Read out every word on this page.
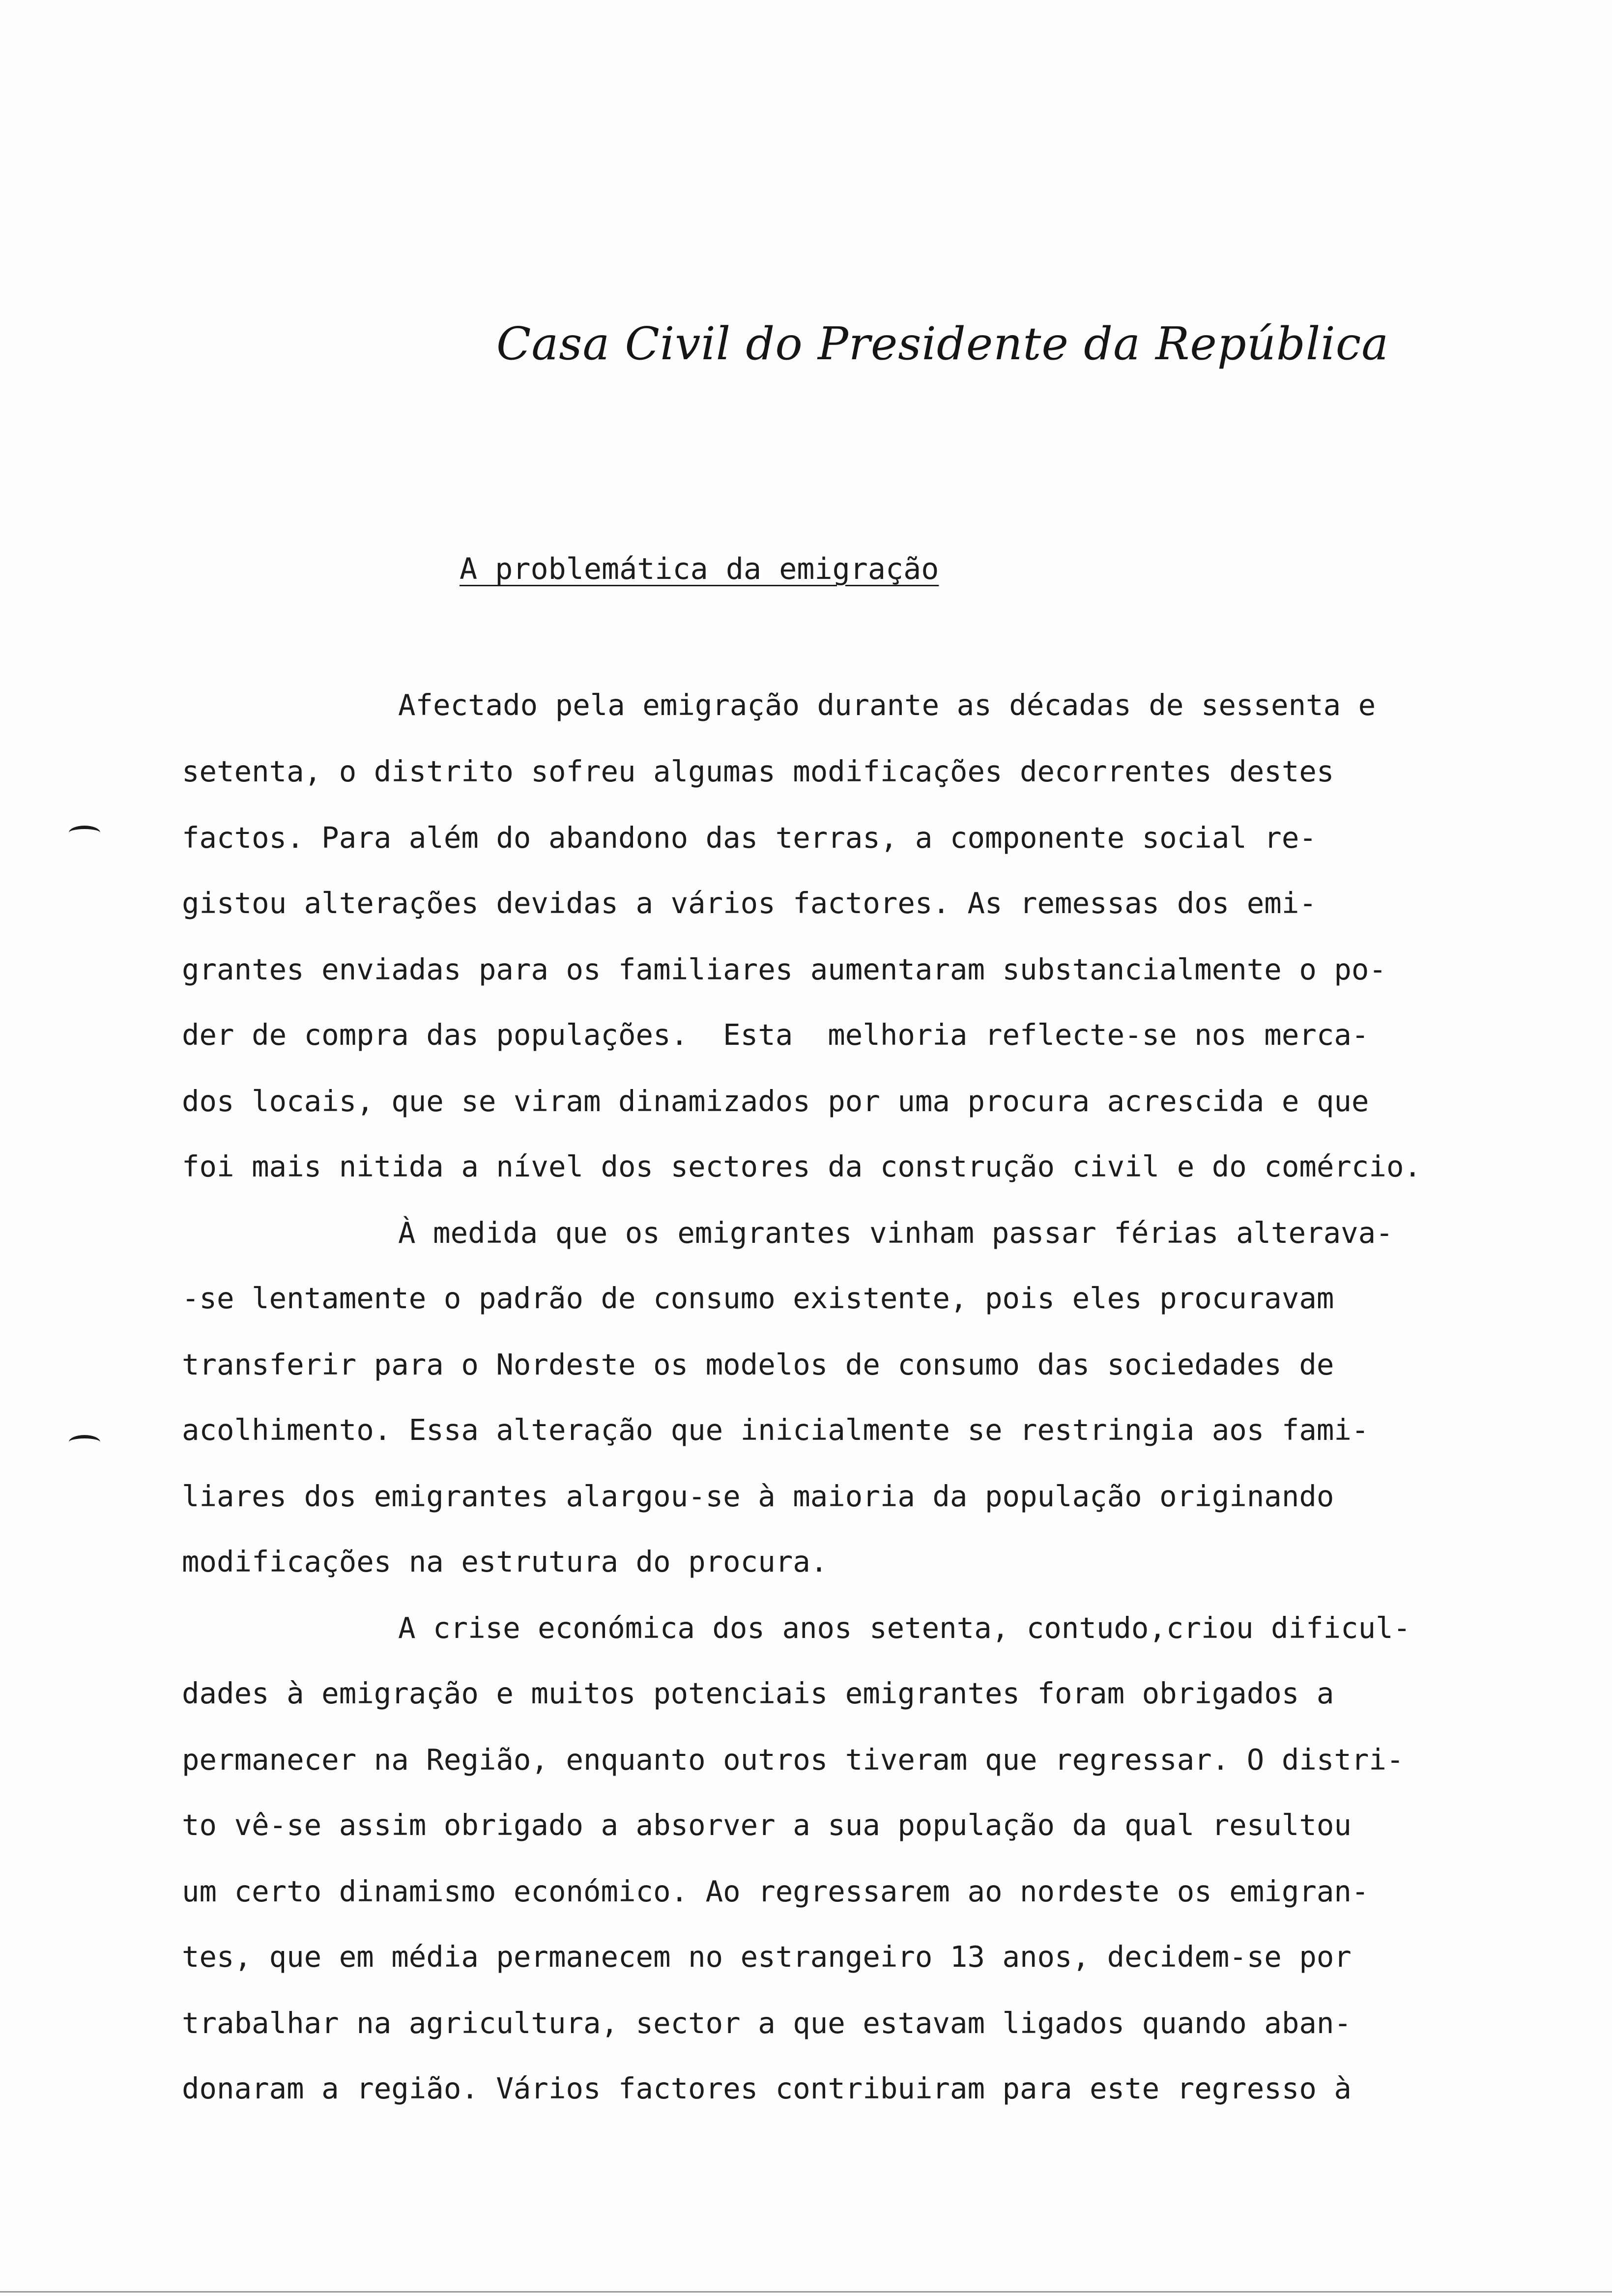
Casa Civil do Presidente da República
A problemática da emigração
Afectado pela emigração durante as décadas de sessenta e
setenta, o distrito sofreu algumas modificações decorrentes destes
factos. Para além do abandono das terras, a componente social re-
gistou alterações devidas a vários factores. As remessas dos emi-
grantes enviadas para os familiares aumentaram substancialmente o po-
der de compra das populações.  Esta  melhoria reflecte-se nos merca-
dos locais, que se viram dinamizados por uma procura acrescida e que
foi mais nitida a nível dos sectores da construção civil e do comércio.
À medida que os emigrantes vinham passar férias alterava-
-se lentamente o padrão de consumo existente, pois eles procuravam
transferir para o Nordeste os modelos de consumo das sociedades de
acolhimento. Essa alteração que inicialmente se restringia aos fami-
liares dos emigrantes alargou-se à maioria da população originando
modificações na estrutura do procura.
A crise económica dos anos setenta, contudo,criou dificul-
dades à emigração e muitos potenciais emigrantes foram obrigados a
permanecer na Região, enquanto outros tiveram que regressar. O distri-
to vê-se assim obrigado a absorver a sua população da qual resultou
um certo dinamismo económico. Ao regressarem ao nordeste os emigran-
tes, que em média permanecem no estrangeiro 13 anos, decidem-se por
trabalhar na agricultura, sector a que estavam ligados quando aban-
donaram a região. Vários factores contribuiram para este regresso à
